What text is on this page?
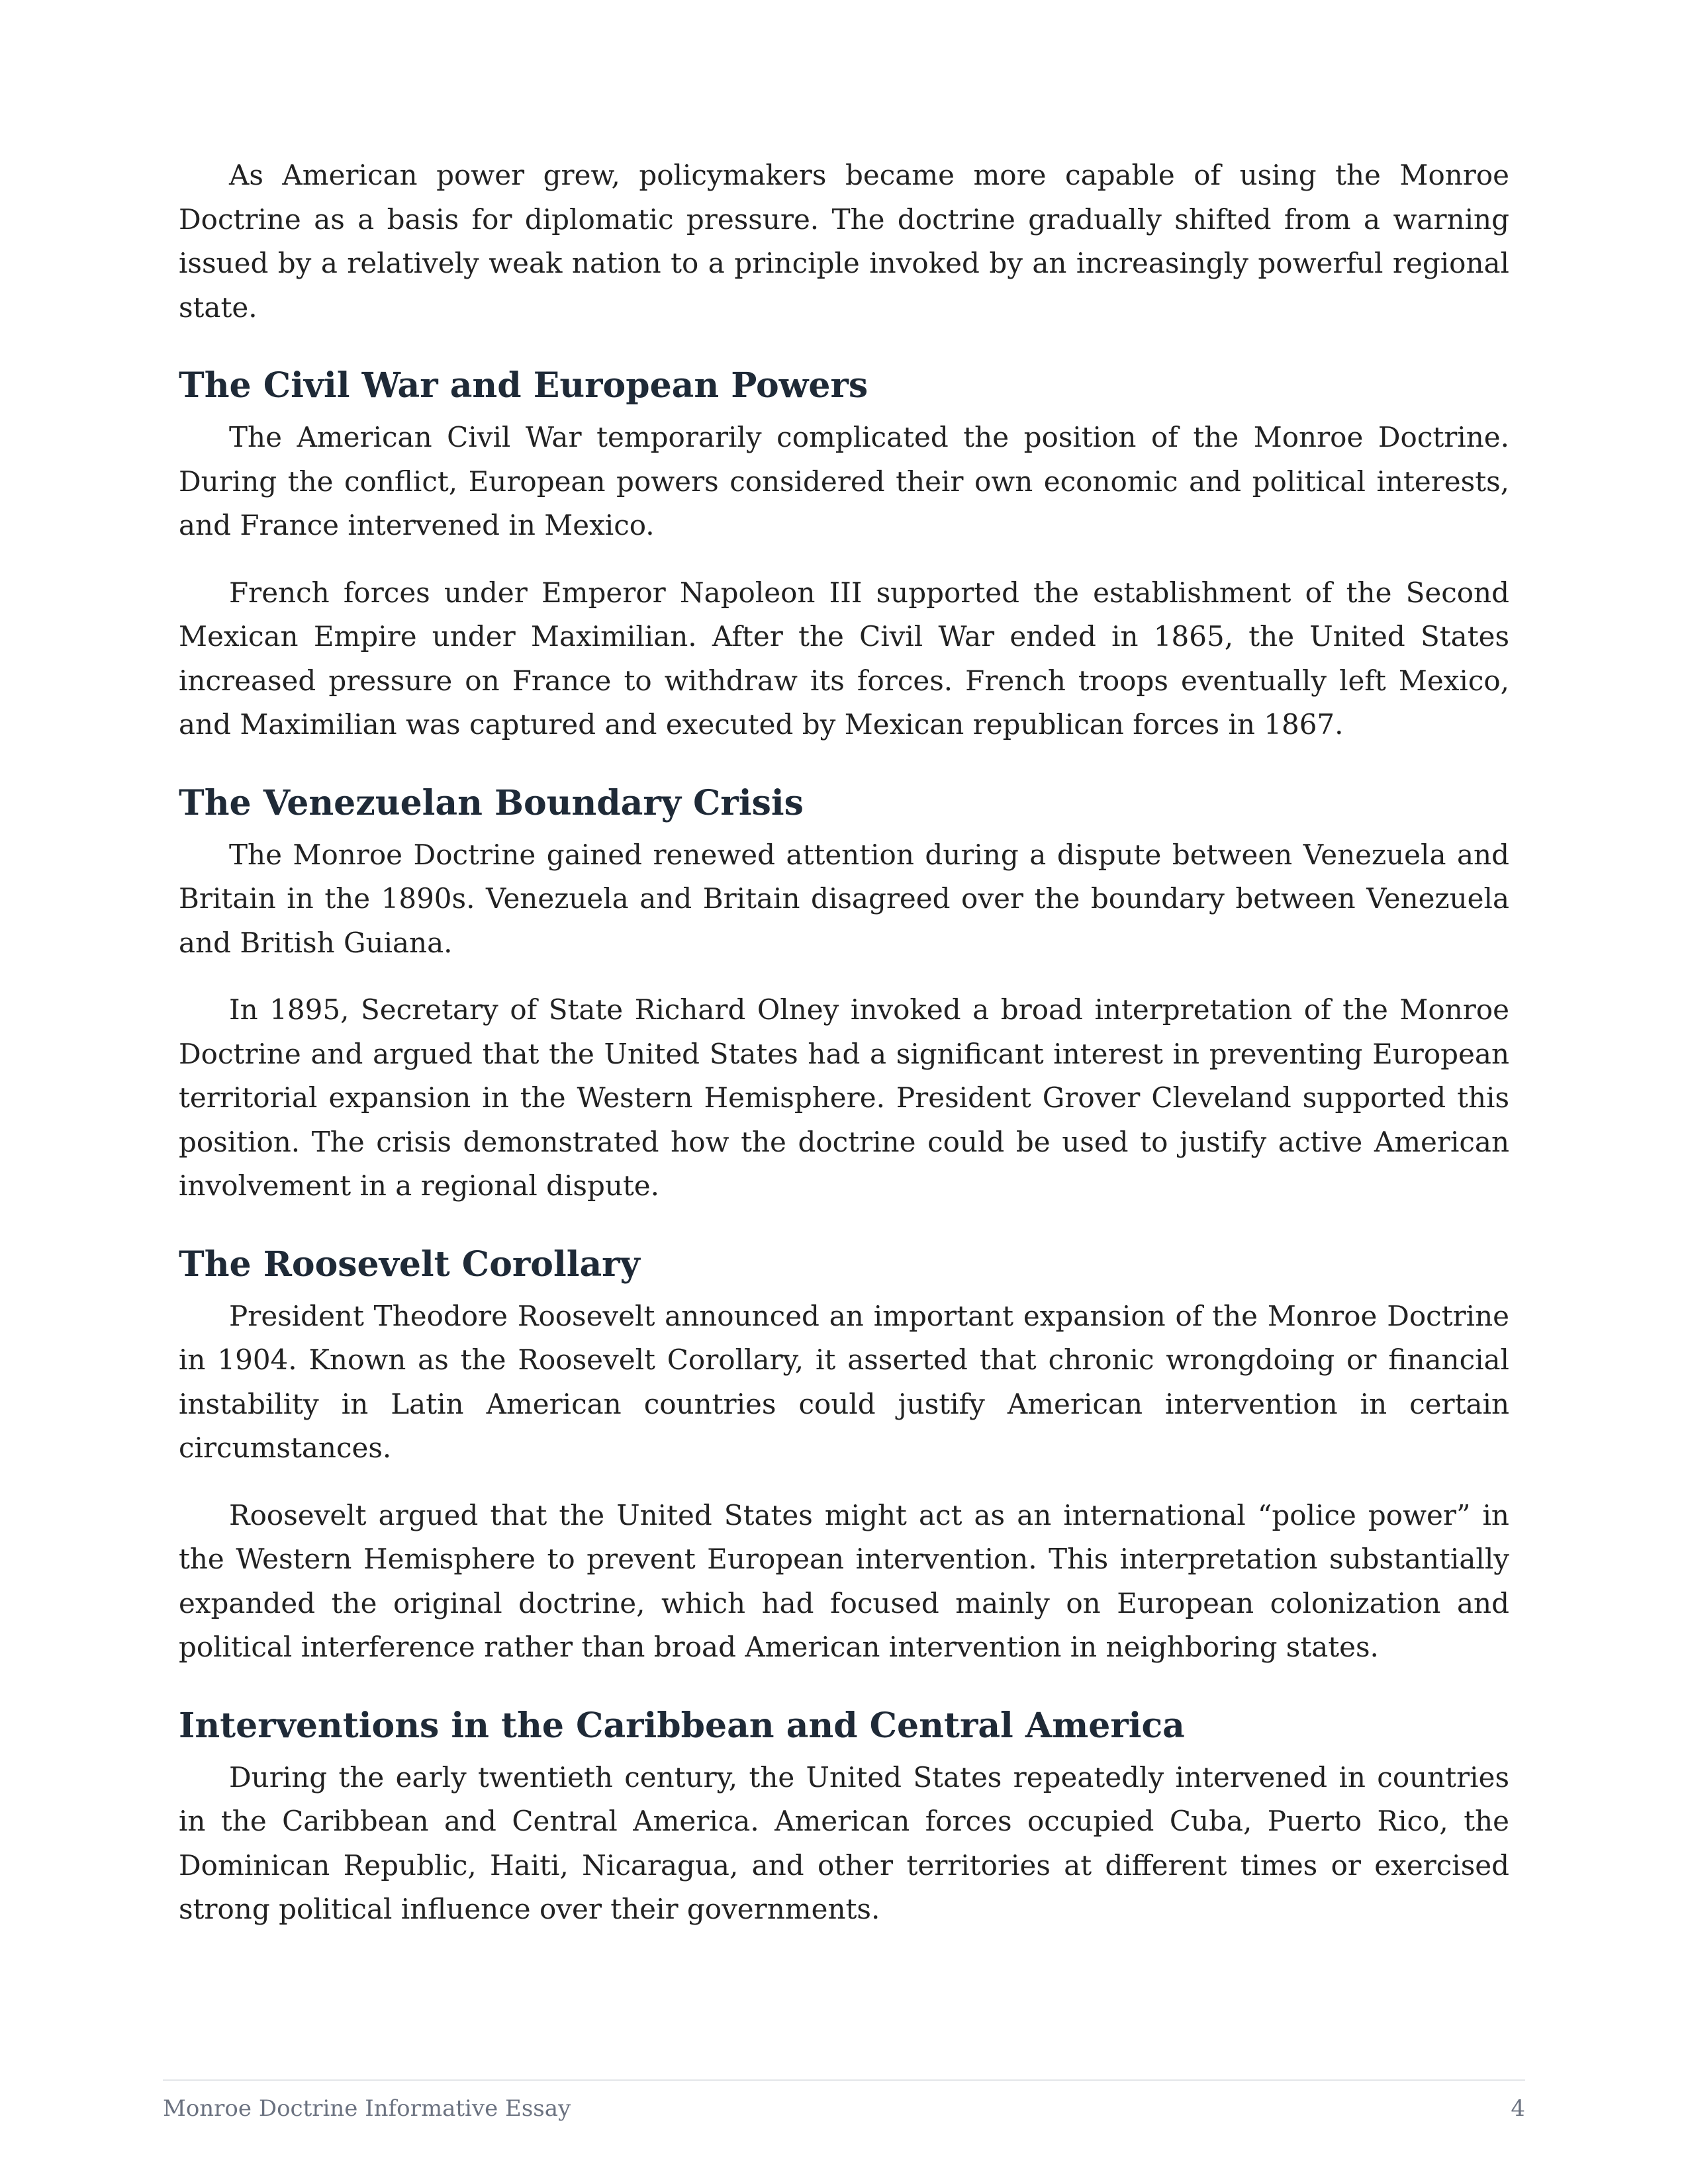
As American power grew, policymakers became more capable of using the Monroe Doctrine as a basis for diplomatic pressure. The doctrine gradually shifted from a warning issued by a relatively weak nation to a principle invoked by an increasingly powerful regional state.

The Civil War and European Powers

The American Civil War temporarily complicated the position of the Monroe Doctrine. During the conflict, European powers considered their own economic and political interests, and France intervened in Mexico.

French forces under Emperor Napoleon III supported the establishment of the Second Mexican Empire under Maximilian. After the Civil War ended in 1865, the United States increased pressure on France to withdraw its forces. French troops eventually left Mexico, and Maximilian was captured and executed by Mexican republican forces in 1867.

The Venezuelan Boundary Crisis

The Monroe Doctrine gained renewed attention during a dispute between Venezuela and Britain in the 1890s. Venezuela and Britain disagreed over the boundary between Venezuela and British Guiana.

In 1895, Secretary of State Richard Olney invoked a broad interpretation of the Monroe Doctrine and argued that the United States had a significant interest in preventing European territorial expansion in the Western Hemisphere. President Grover Cleveland supported this position. The crisis demonstrated how the doctrine could be used to justify active American involvement in a regional dispute.

The Roosevelt Corollary

President Theodore Roosevelt announced an important expansion of the Monroe Doctrine in 1904. Known as the Roosevelt Corollary, it asserted that chronic wrongdoing or financial instability in Latin American countries could justify American intervention in certain circumstances.

Roosevelt argued that the United States might act as an international “police power” in the Western Hemisphere to prevent European intervention. This interpretation substantially expanded the original doctrine, which had focused mainly on European colonization and political interference rather than broad American intervention in neighboring states.

Interventions in the Caribbean and Central America

During the early twentieth century, the United States repeatedly intervened in countries in the Caribbean and Central America. American forces occupied Cuba, Puerto Rico, the Dominican Republic, Haiti, Nicaragua, and other territories at different times or exercised strong political influence over their governments.

Monroe Doctrine Informative Essay	4
